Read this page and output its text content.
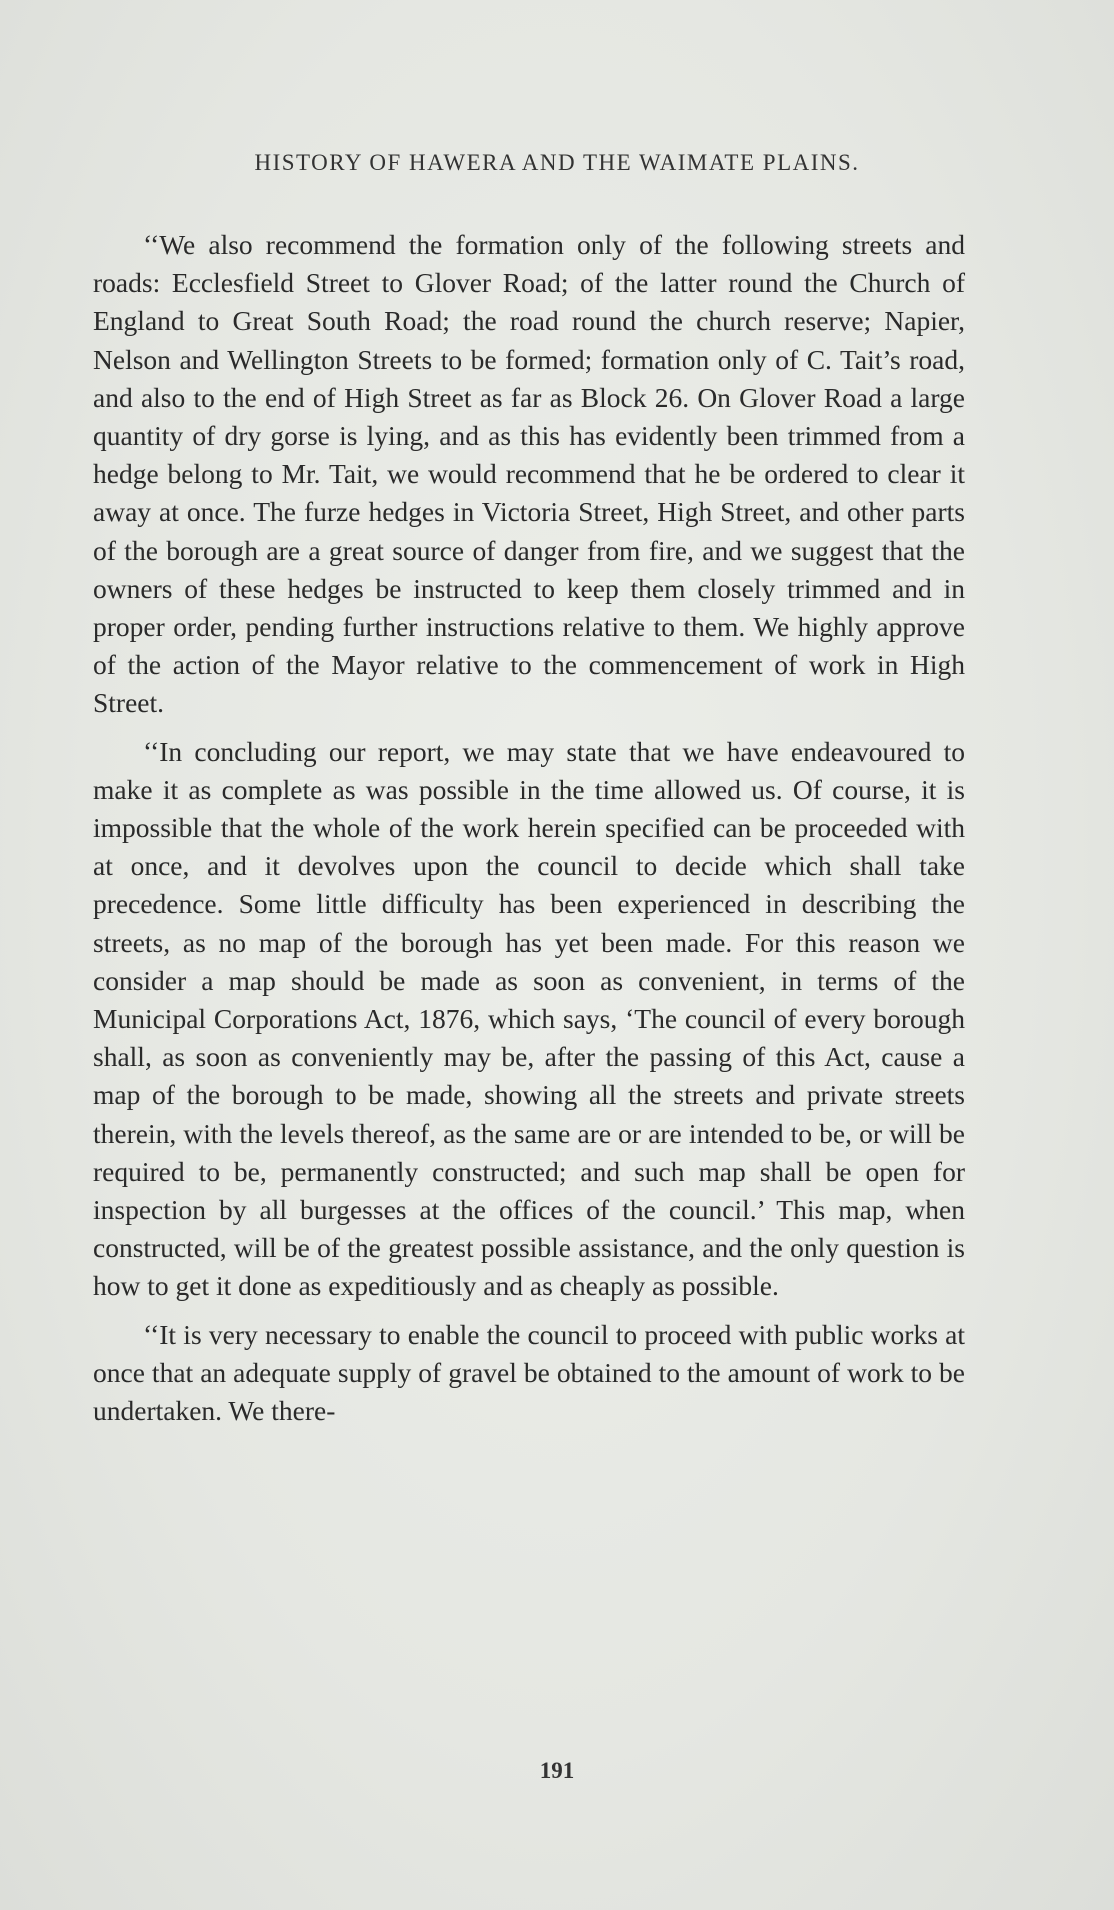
HISTORY OF HAWERA AND THE WAIMATE PLAINS.

‘‘We also recommend the formation only of the following streets and roads: Ecclesfield Street to Glover Road; of the latter round the Church of England to Great South Road; the road round the church reserve; Napier, Nelson and Wellington Streets to be formed; formation only of C. Tait’s road, and also to the end of High Street as far as Block 26. On Glover Road a large quantity of dry gorse is lying, and as this has evidently been trimmed from a hedge belong to Mr. Tait, we would recommend that he be ordered to clear it away at once. The furze hedges in Victoria Street, High Street, and other parts of the borough are a great source of danger from fire, and we suggest that the owners of these hedges be instructed to keep them closely trimmed and in proper order, pending further instructions relative to them. We highly approve of the action of the Mayor relative to the commencement of work in High Street.

‘‘In concluding our report, we may state that we have endeavoured to make it as complete as was possible in the time allowed us. Of course, it is impossible that the whole of the work herein specified can be proceeded with at once, and it devolves upon the council to decide which shall take precedence. Some little difficulty has been experienced in describing the streets, as no map of the borough has yet been made. For this reason we consider a map should be made as soon as convenient, in terms of the Municipal Corporations Act, 1876, which says, ‘The council of every borough shall, as soon as conveniently may be, after the passing of this Act, cause a map of the borough to be made, showing all the streets and private streets therein, with the levels thereof, as the same are or are intended to be, or will be required to be, permanently constructed; and such map shall be open for inspection by all burgesses at the offices of the council.’ This map, when constructed, will be of the greatest possible assistance, and the only question is how to get it done as expeditiously and as cheaply as possible.

‘‘It is very necessary to enable the council to proceed with public works at once that an adequate supply of gravel be obtained to the amount of work to be undertaken. We there-

191
